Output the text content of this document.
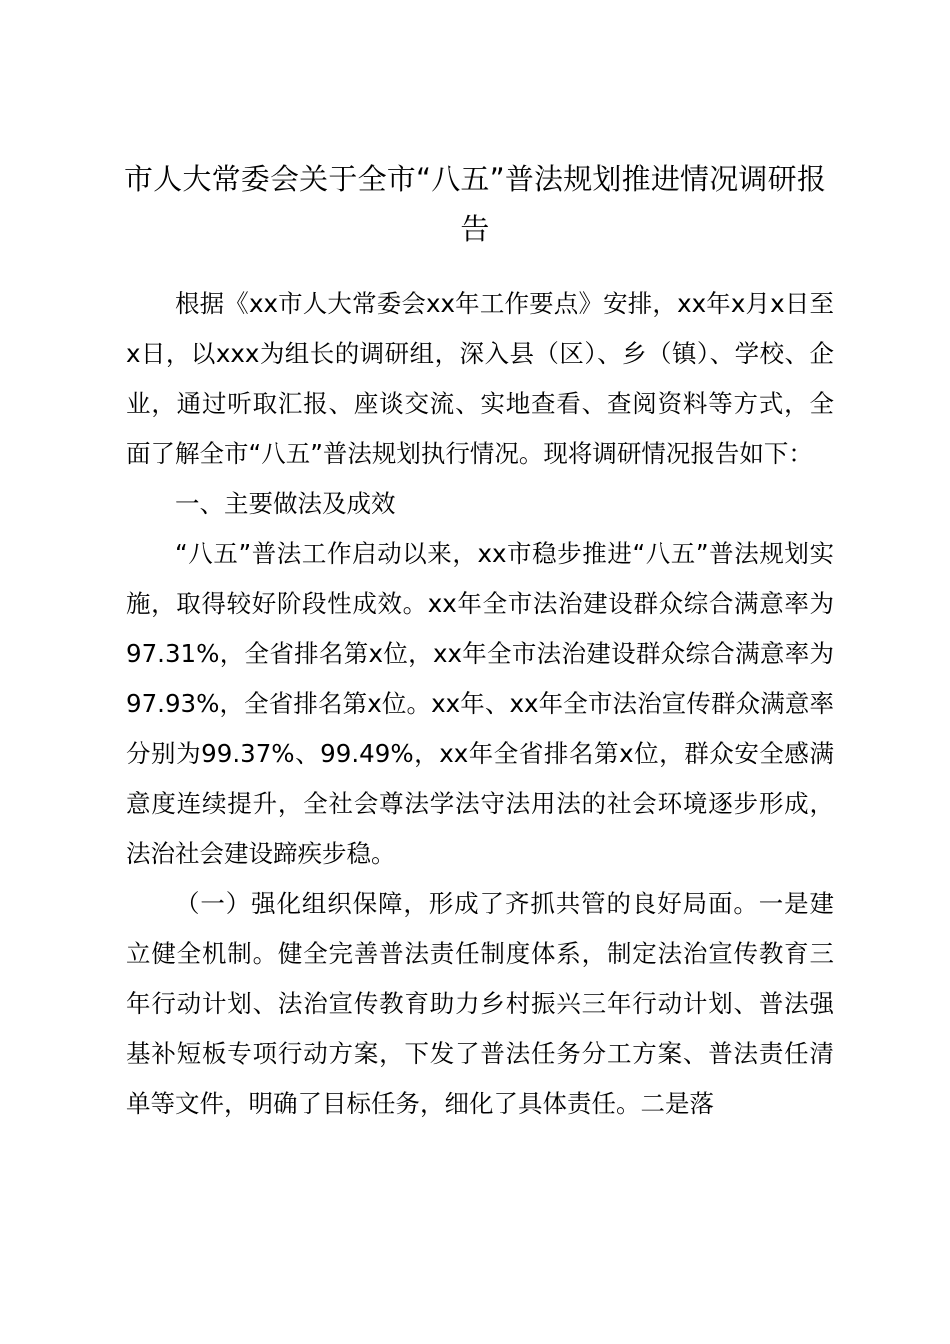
市人大常委会关于全市“八五”普法规划推进情况调研报告

根据《xx市人大常委会xx年工作要点》安排，xx年x月x日至x日，以xxx为组长的调研组，深入县（区）、乡（镇）、学校、企业，通过听取汇报、座谈交流、实地查看、查阅资料等方式，全面了解全市“八五”普法规划执行情况。现将调研情况报告如下：

一、主要做法及成效

“八五”普法工作启动以来，xx市稳步推进“八五”普法规划实施，取得较好阶段性成效。xx年全市法治建设群众综合满意率为97.31%，全省排名第x位，xx年全市法治建设群众综合满意率为97.93%，全省排名第x位。xx年、xx年全市法治宣传群众满意率分别为99.37%、99.49%，xx年全省排名第x位，群众安全感满意度连续提升，全社会尊法学法守法用法的社会环境逐步形成，法治社会建设蹄疾步稳。

（一）强化组织保障，形成了齐抓共管的良好局面。一是建立健全机制。健全完善普法责任制度体系，制定法治宣传教育三年行动计划、法治宣传教育助力乡村振兴三年行动计划、普法强基补短板专项行动方案，下发了普法任务分工方案、普法责任清单等文件，明确了目标任务，细化了具体责任。二是落
